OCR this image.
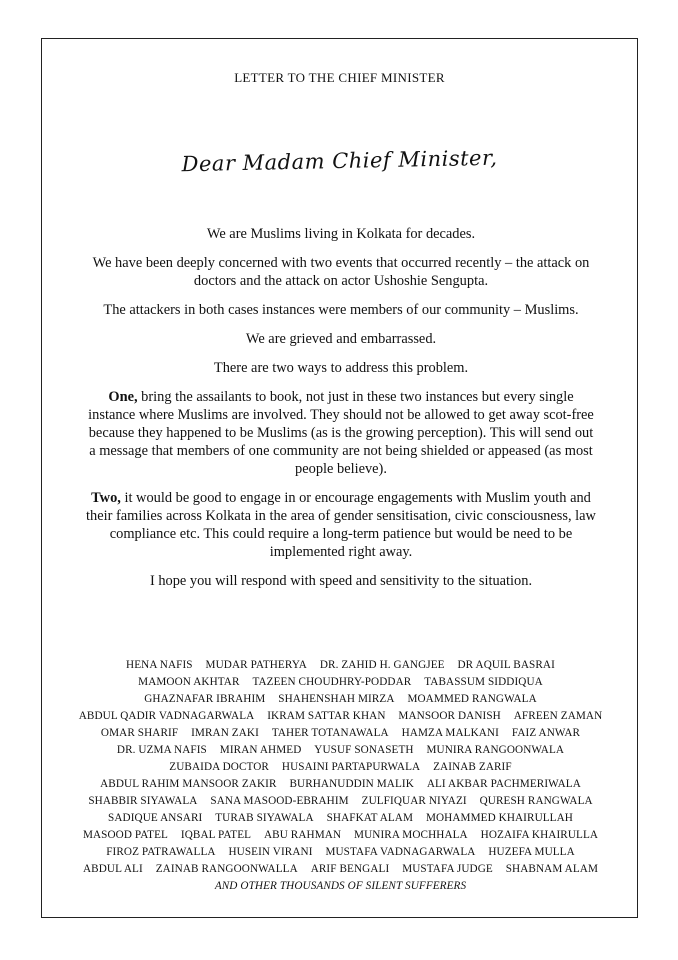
LETTER TO THE CHIEF MINISTER
Dear Madam Chief Minister,

We are Muslims living in Kolkata for decades.

We have been deeply concerned with two events that occurred recently – the attack on doctors and the attack on actor Ushoshie Sengupta.

The attackers in both cases instances were members of our community – Muslims.

We are grieved and embarrassed.

There are two ways to address this problem.

One, bring the assailants to book, not just in these two instances but every single instance where Muslims are involved. They should not be allowed to get away scot-free because they happened to be Muslims (as is the growing perception). This will send out a message that members of one community are not being shielded or appeased (as most people believe).

Two, it would be good to engage in or encourage engagements with Muslim youth and their families across Kolkata in the area of gender sensitisation, civic consciousness, law compliance etc. This could require a long-term patience but would be need to be implemented right away.

I hope you will respond with speed and sensitivity to the situation.

HENA NAFIS MUDAR PATHERYA DR. ZAHID H. GANGJEE DR AQUIL BASRAI MAMOON AKHTAR TAZEEN CHOUDHRY-PODDAR TABASSUM SIDDIQUA GHAZNAFAR IBRAHIM SHAHENSHAH MIRZA MOAMMED RANGWALA ABDUL QADIR VADNAGARWALA IKRAM SATTAR KHAN MANSOOR DANISH AFREEN ZAMAN OMAR SHARIF IMRAN ZAKI TAHER TOTANAWALA HAMZA MALKANI FAIZ ANWAR DR. UZMA NAFIS MIRAN AHMED YUSUF SONASETH MUNIRA RANGOONWALA ZUBAIDA DOCTOR HUSAINI PARTAPURWALA ZAINAB ZARIF ABDUL RAHIM MANSOOR ZAKIR BURHANUDDIN MALIK ALI AKBAR PACHMERIWALA SHABBIR SIYAWALA SANA MASOOD-EBRAHIM ZULFIQUAR NIYAZI QURESH RANGWALA SADIQUE ANSARI TURAB SIYAWALA SHAFKAT ALAM MOHAMMED KHAIRULLAH MASOOD PATEL IQBAL PATEL ABU RAHMAN MUNIRA MOCHHALA HOZAIFA KHAIRULLA FIROZ PATRAWALLA HUSEIN VIRANI MUSTAFA VADNAGARWALA HUZEFA MULLA ABDUL ALI ZAINAB RANGOONWALLA ARIF BENGALI MUSTAFA JUDGE SHABNAM ALAM
AND OTHER THOUSANDS OF SILENT SUFFERERS
